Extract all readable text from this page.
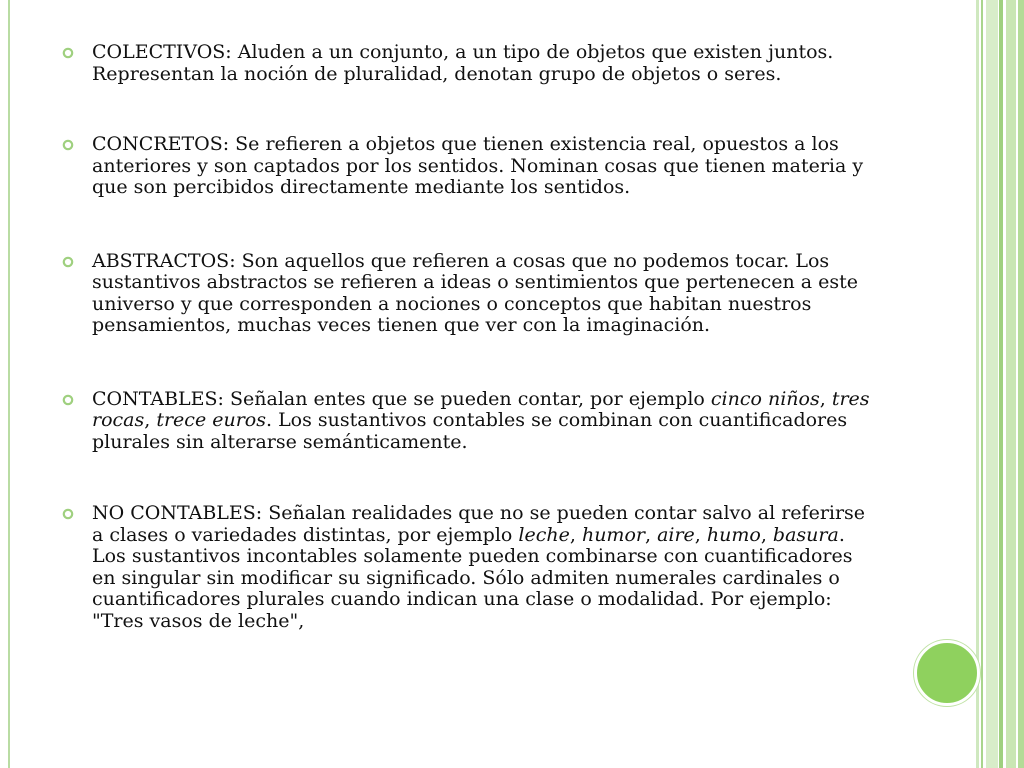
COLECTIVOS: Aluden a un conjunto, a un tipo de objetos que existen juntos. Representan la noción de pluralidad, denotan grupo de objetos o seres.
CONCRETOS: Se refieren a objetos que tienen existencia real, opuestos a los anteriores y son captados por los sentidos. Nominan cosas que tienen materia y que son percibidos directamente mediante los sentidos.
ABSTRACTOS: Son aquellos que refieren a cosas que no podemos tocar. Los sustantivos abstractos se refieren a ideas o sentimientos que pertenecen a este universo y que corresponden a nociones o conceptos que habitan nuestros pensamientos, muchas veces tienen que ver con la imaginación.
CONTABLES: Señalan entes que se pueden contar, por ejemplo cinco niños, tres rocas, trece euros. Los sustantivos contables se combinan con cuantificadores plurales sin alterarse semánticamente.
NO CONTABLES: Señalan realidades que no se pueden contar salvo al referirse a clases o variedades distintas, por ejemplo leche, humor, aire, humo, basura. Los sustantivos incontables solamente pueden combinarse con cuantificadores en singular sin modificar su significado. Sólo admiten numerales cardinales o cuantificadores plurales cuando indican una clase o modalidad. Por ejemplo: "Tres vasos de leche",
